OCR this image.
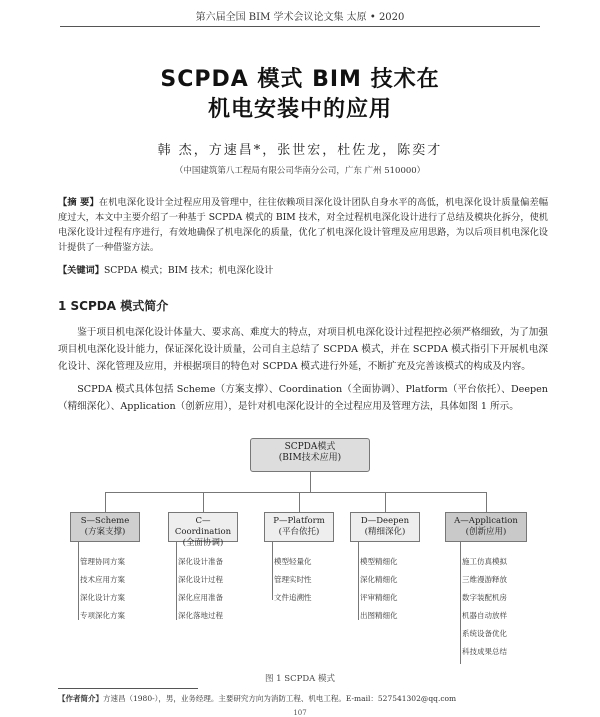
第六届全国 BIM 学术会议论文集 太原 • 2020
SCPDA 模式 BIM 技术在
机电安装中的应用
韩 杰，方速昌*，张世宏，杜佐龙，陈奕才
（中国建筑第八工程局有限公司华南分公司，广东 广州 510000）
【摘 要】在机电深化设计全过程应用及管理中，往往依赖项目深化设计团队自身水平的高低，机电深化设计质量偏差幅度过大，本文中主要介绍了一种基于 SCPDA 模式的 BIM 技术，对全过程机电深化设计进行了总结及模块化拆分，使机电深化设计过程有序进行，有效地确保了机电深化的质量，优化了机电深化设计管理及应用思路，为以后项目机电深化设计提供了一种借鉴方法。
【关键词】SCPDA 模式；BIM 技术；机电深化设计
1 SCPDA 模式简介
鉴于项目机电深化设计体量大、要求高、难度大的特点，对项目机电深化设计过程把控必须严格细致，为了加强项目机电深化设计能力，保证深化设计质量，公司自主总结了 SCPDA 模式，并在 SCPDA 模式指引下开展机电深化设计、深化管理及应用，并根据项目的特色对 SCPDA 模式进行外延，不断扩充及完善该模式的构成及内容。
SCPDA 模式具体包括 Scheme（方案支撑）、Coordination（全面协调）、Platform（平台依托）、Deepen（精细深化）、Application（创新应用），是针对机电深化设计的全过程应用及管理方法，具体如图 1 所示。
SCPDA模式
(BIM技术应用)
S—Scheme
(方案支撑)
C—Coordination
(全面协调)
P—Platform
(平台依托)
D—Deepen
(精细深化)
A—Application
(创新应用)
管理协同方案
技术应用方案
深化设计方案
专项深化方案
深化设计准备
深化设计过程
深化应用准备
深化落地过程
模型轻量化
管理实时性
文件追溯性
模型精细化
深化精细化
评审精细化
出图精细化
施工仿真模拟
三维漫游释放
数字装配机房
机器自动放样
系统设备优化
科技成果总结
图 1 SCPDA 模式
【作者简介】方速昌（1980-），男，业务经理。主要研究方向为消防工程、机电工程。E-mail：527541302@qq.com
107
